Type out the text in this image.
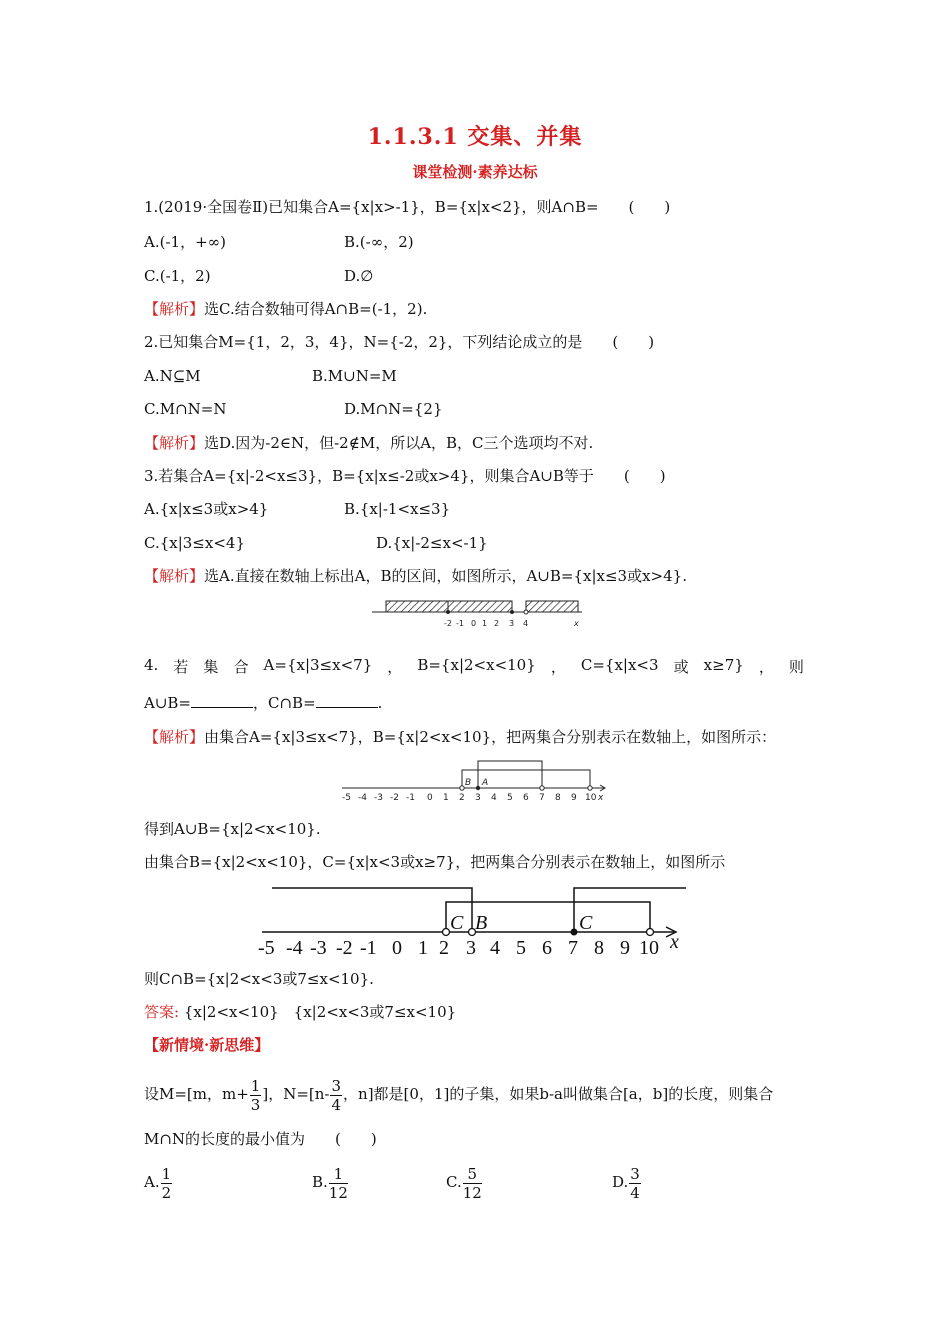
1.1.3.1 交集、并集
课堂检测·素养达标
1.(2019·全国卷Ⅱ)已知集合A={x|x>-1}，B={x|x<2}，则A∩B=　　(　　)
A.(-1，+∞)	B.(-∞，2)
C.(-1，2)	D.∅
【解析】选C.结合数轴可得A∩B=(-1，2).
2.已知集合M={1，2，3，4}，N={-2，2}，下列结论成立的是　　(　　)
A.N⊆M	B.M∪N=M
C.M∩N=N	D.M∩N={2}
【解析】选D.因为-2∈N，但-2∉M，所以A，B，C三个选项均不对.
3.若集合A={x|-2<x≤3}，B={x|x≤-2或x>4}，则集合A∪B等于　　(　　)
A.{x|x≤3或x>4}	B.{x|-1<x≤3}
C.{x|3≤x<4}	D.{x|-2≤x<-1}
【解析】选A.直接在数轴上标出A，B的区间，如图所示，A∪B={x|x≤3或x>4}.
-2 -1 0 1 2 3 4	x
4. 若 集 合 A={x|3≤x<7} ， B={x|2<x<10} ， C={x|x<3 或 x≥7} ， 则
A∪B=	，C∩B=	.
【解析】由集合A={x|3≤x<7}，B={x|2<x<10}，把两集合分别表示在数轴上，如图所示：
B A
-5 -4 -3 -2 -1 0 1 2 3 4 5 6 7 8 9 10 x
得到A∪B={x|2<x<10}.
由集合B={x|2<x<10}，C={x|x<3或x≥7}，把两集合分别表示在数轴上，如图所示
C B	C
-5 -4 -3 -2 -1 0 1 2 3 4 5 6 7 8 9 10 x
则C∩B={x|2<x<3或7≤x<10}.
答案: {x|2<x<10}　{x|2<x<3或7≤x<10}
【新情境·新思维】
设M=[m，$m+ \frac{1}{3}$ ]，$N=[n- \frac{3}{4}$ ，n]都是[0，1]的子集，如果b-a叫做集合[a，b]的长度，则集合
M∩N的长度的最小值为　　(　　)
A. $\frac{1}{2}$	B. $\frac{1}{12}$	C. $\frac{5}{12}$	D. $\frac{3}{4}$
